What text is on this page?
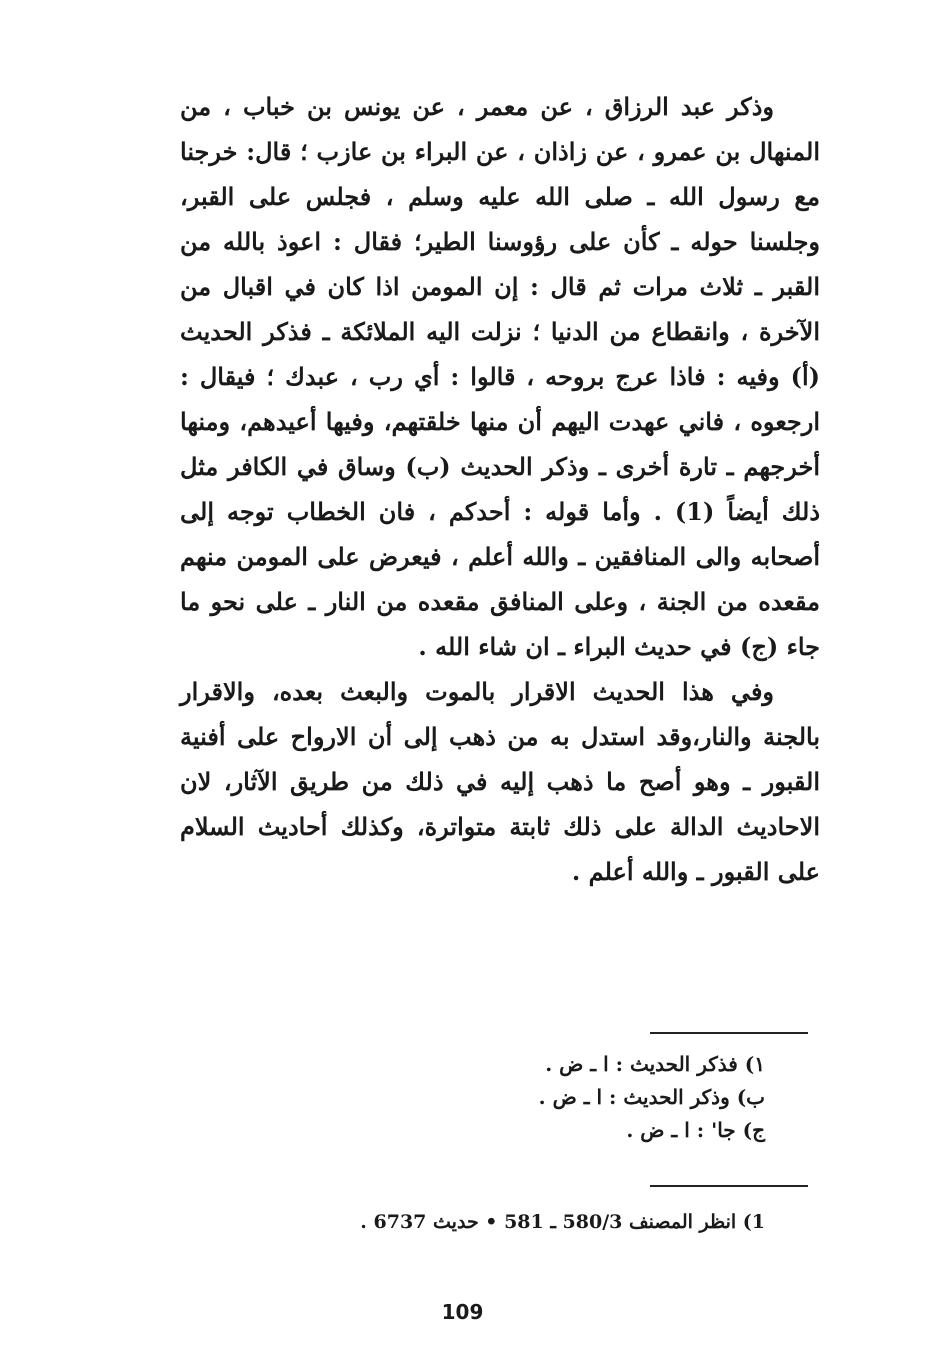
وذكر عبد الرزاق ، عن معمر ، عن يونس بن خباب ، من المنهال بن عمرو ، عن زاذان ، عن البراء بن عازب ؛ قال: خرجنا مع رسول الله ـ صلى الله عليه وسلم ، فجلس على القبر، وجلسنا حوله ـ كأن على رؤوسنا الطير؛ فقال : اعوذ بالله من القبر ـ ثلاث مرات ثم قال : إن المومن اذا كان في اقبال من الآخرة ، وانقطاع من الدنيا ؛ نزلت اليه الملائكة ـ فذكر الحديث (أ) وفيه : فاذا عرج بروحه ، قالوا : أي رب ، عبدك ؛ فيقال : ارجعوه ، فاني عهدت اليهم أن منها خلقتهم، وفيها أعيدهم، ومنها أخرجهم ـ تارة أخرى ـ وذكر الحديث (ب) وساق في الكافر مثل ذلك أيضاً (1) . وأما قوله : أحدكم ، فان الخطاب توجه إلى أصحابه والى المنافقين ـ والله أعلم ، فيعرض على المومن منهم مقعده من الجنة ، وعلى المنافق مقعده من النار ـ على نحو ما جاء (ج) في حديث البراء ـ ان شاء الله .

وفي هذا الحديث الاقرار بالموت والبعث بعده، والاقرار بالجنة والنار،وقد استدل به من ذهب إلى أن الارواح على أفنية القبور ـ وهو أصح ما ذهب إليه في ذلك من طريق الآثار، لان الاحاديث الدالة على ذلك ثابتة متواترة، وكذلك أحاديث السلام على القبور ـ والله أعلم .

١) فذكر الحديث : ا ـ ض .
ب) وذكر الحديث : ا ـ ض .
ج) جا' : ا ـ ض .
1) انظر المصنف 580/3 ـ 581 • حديث 6737 .
109
